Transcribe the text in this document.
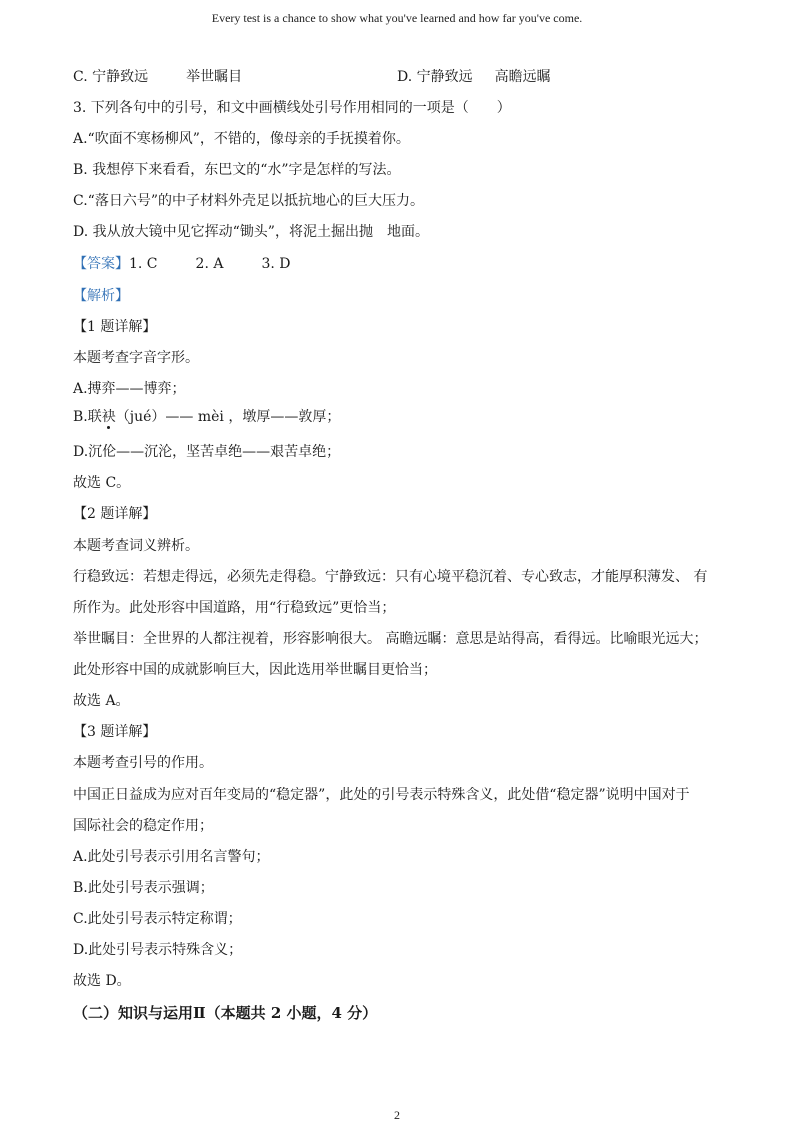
Every test is a chance to show what you've learned and how far you've come.
C. 宁静致远	举世瞩目	D. 宁静致远 高瞻远瞩
3. 下列各句中的引号，和文中画横线处引号作用相同的一项是（　　）
A.“吹面不寒杨柳风”，不错的，像母亲的手抚摸着你。
B. 我想停下来看看，东巴文的“水”字是怎样的写法。
C.“落日六号”的中子材料外壳足以抵抗地心的巨大压力。
D. 我从放大镜中见它挥动“锄头”，将泥土掘出抛　地面。
【答案】1. C	2. A	3. D
【解析】
【1 题详解】
本题考查字音字形。
A.搏弈——博弈；
B.联袂（jué）—— mèi ，墩厚——敦厚；
D.沉伦——沉沦，坚苦卓绝——艰苦卓绝；
故选 C。
【2 题详解】
本题考查词义辨析。
行稳致远：若想走得远，必须先走得稳。宁静致远：只有心境平稳沉着、专心致志，才能厚积薄发、 有
所作为。此处形容中国道路，用“行稳致远”更恰当；
举世瞩目：全世界的人都注视着，形容影响很大。 高瞻远瞩：意思是站得高，看得远。比喻眼光远大；
此处形容中国的成就影响巨大，因此选用举世瞩目更恰当；
故选 A。
【3 题详解】
本题考查引号的作用。
中国正日益成为应对百年变局的“稳定器”，此处的引号表示特殊含义，此处借“稳定器”说明中国对于
国际社会的稳定作用；
A.此处引号表示引用名言警句；
B.此处引号表示强调；
C.此处引号表示特定称谓；
D.此处引号表示特殊含义；
故选 D。
（二）知识与运用Ⅱ（本题共 2 小题，4 分）
2
